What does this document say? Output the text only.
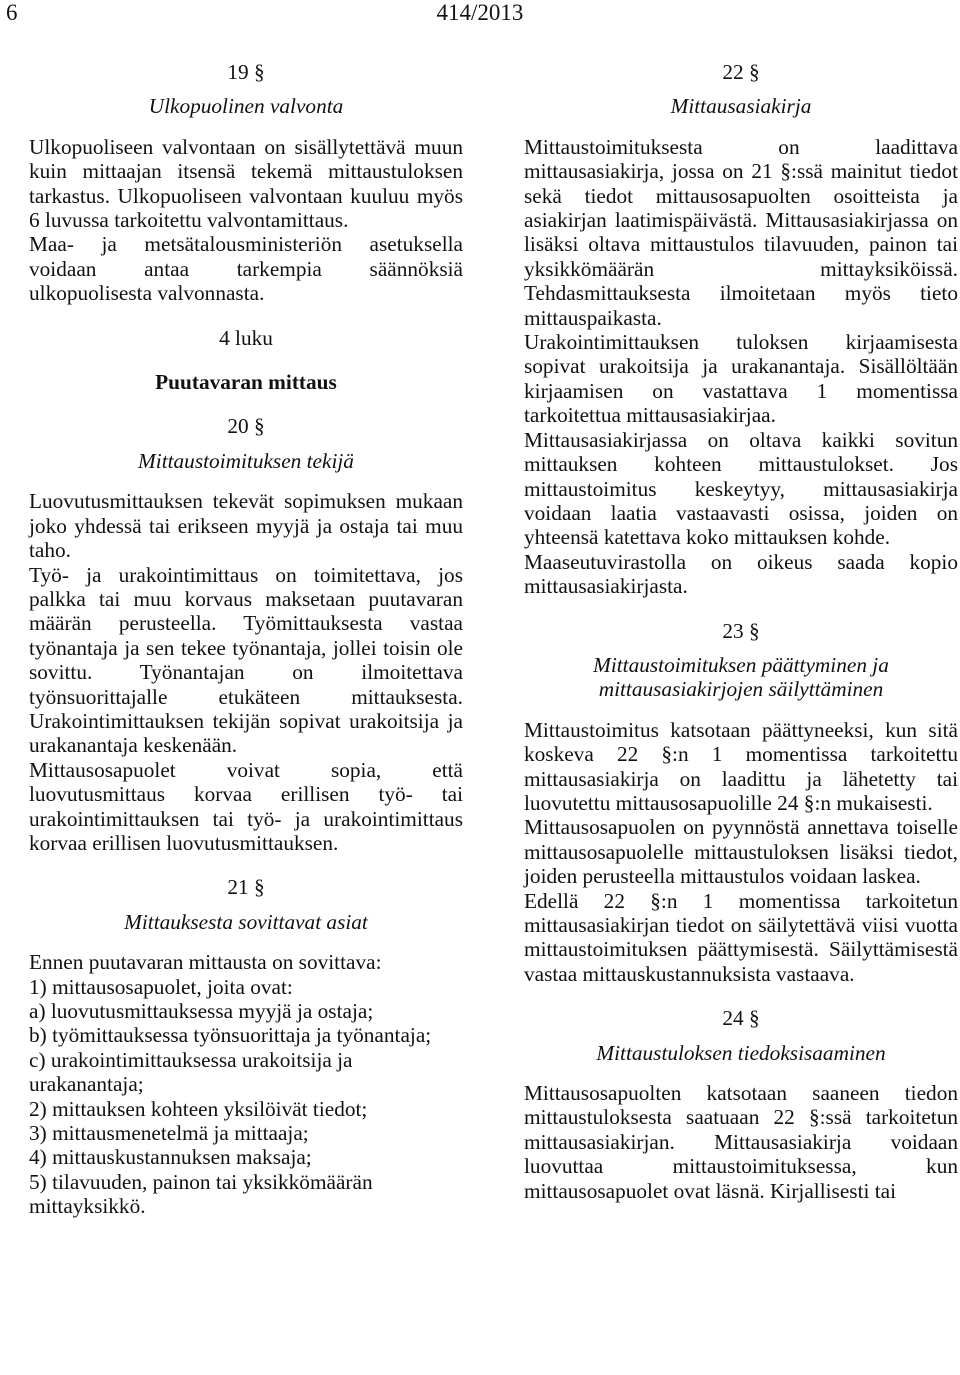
6	414/2013
19 §
Ulkopuolinen valvonta

Ulkopuoliseen valvontaan on sisällytettävä muun kuin mittaajan itsensä tekemä mittaustuloksen tarkastus. Ulkopuoliseen valvontaan kuuluu myös 6 luvussa tarkoitettu valvontamittaus.

Maa- ja metsätalousministeriön asetuksella voidaan antaa tarkempia säännöksiä ulkopuolisesta valvonnasta.

4 luku
Puutavaran mittaus
20 §
Mittaustoimituksen tekijä

Luovutusmittauksen tekevät sopimuksen mukaan joko yhdessä tai erikseen myyjä ja ostaja tai muu taho.

Työ- ja urakointimittaus on toimitettava, jos palkka tai muu korvaus maksetaan puutavaran määrän perusteella. Työmittauksesta vastaa työnantaja ja sen tekee työnantaja, jollei toisin ole sovittu. Työnantajan on ilmoitettava työnsuorittajalle etukäteen mittauksesta. Urakointimittauksen tekijän sopivat urakoitsija ja urakanantaja keskenään.

Mittausosapuolet voivat sopia, että luovutusmittaus korvaa erillisen työ- tai urakointimittauksen tai työ- ja urakointimittaus korvaa erillisen luovutusmittauksen.

21 §
Mittauksesta sovittavat asiat

Ennen puutavaran mittausta on sovittava:

1) mittausosapuolet, joita ovat:

a) luovutusmittauksessa myyjä ja ostaja;

b) työmittauksessa työnsuorittaja ja työnantaja;

c) urakointimittauksessa urakoitsija ja urakanantaja;

2) mittauksen kohteen yksilöivät tiedot;

3) mittausmenetelmä ja mittaaja;

4) mittauskustannuksen maksaja;

5) tilavuuden, painon tai yksikkömäärän mittayksikkö.

22 §
Mittausasiakirja

Mittaustoimituksesta on laadittava mittausasiakirja, jossa on 21 §:ssä mainitut tiedot sekä tiedot mittausosapuolten osoitteista ja asiakirjan laatimispäivästä. Mittausasiakirjassa on lisäksi oltava mittaustulos tilavuuden, painon tai yksikkömäärän mittayksiköissä. Tehdasmittauksesta ilmoitetaan myös tieto mittauspaikasta.

Urakointimittauksen tuloksen kirjaamisesta sopivat urakoitsija ja urakanantaja. Sisällöltään kirjaamisen on vastattava 1 momentissa tarkoitettua mittausasiakirjaa.

Mittausasiakirjassa on oltava kaikki sovitun mittauksen kohteen mittaustulokset. Jos mittaustoimitus keskeytyy, mittausasiakirja voidaan laatia vastaavasti osissa, joiden on yhteensä katettava koko mittauksen kohde.

Maaseutuvirastolla on oikeus saada kopio mittausasiakirjasta.

23 §
Mittaustoimituksen päättyminen ja
mittausasiakirjojen säilyttäminen

Mittaustoimitus katsotaan päättyneeksi, kun sitä koskeva 22 §:n 1 momentissa tarkoitettu mittausasiakirja on laadittu ja lähetetty tai luovutettu mittausosapuolille 24 §:n mukaisesti.

Mittausosapuolen on pyynnöstä annettava toiselle mittausosapuolelle mittaustuloksen lisäksi tiedot, joiden perusteella mittaustulos voidaan laskea.

Edellä 22 §:n 1 momentissa tarkoitetun mittausasiakirjan tiedot on säilytettävä viisi vuotta mittaustoimituksen päättymisestä. Säilyttämisestä vastaa mittauskustannuksista vastaava.

24 §
Mittaustuloksen tiedoksisaaminen

Mittausosapuolten katsotaan saaneen tiedon mittaustuloksesta saatuaan 22 §:ssä tarkoitetun mittausasiakirjan. Mittausasiakirja voidaan luovuttaa mittaustoimituksessa, kun mittausosapuolet ovat läsnä. Kirjallisesti tai
